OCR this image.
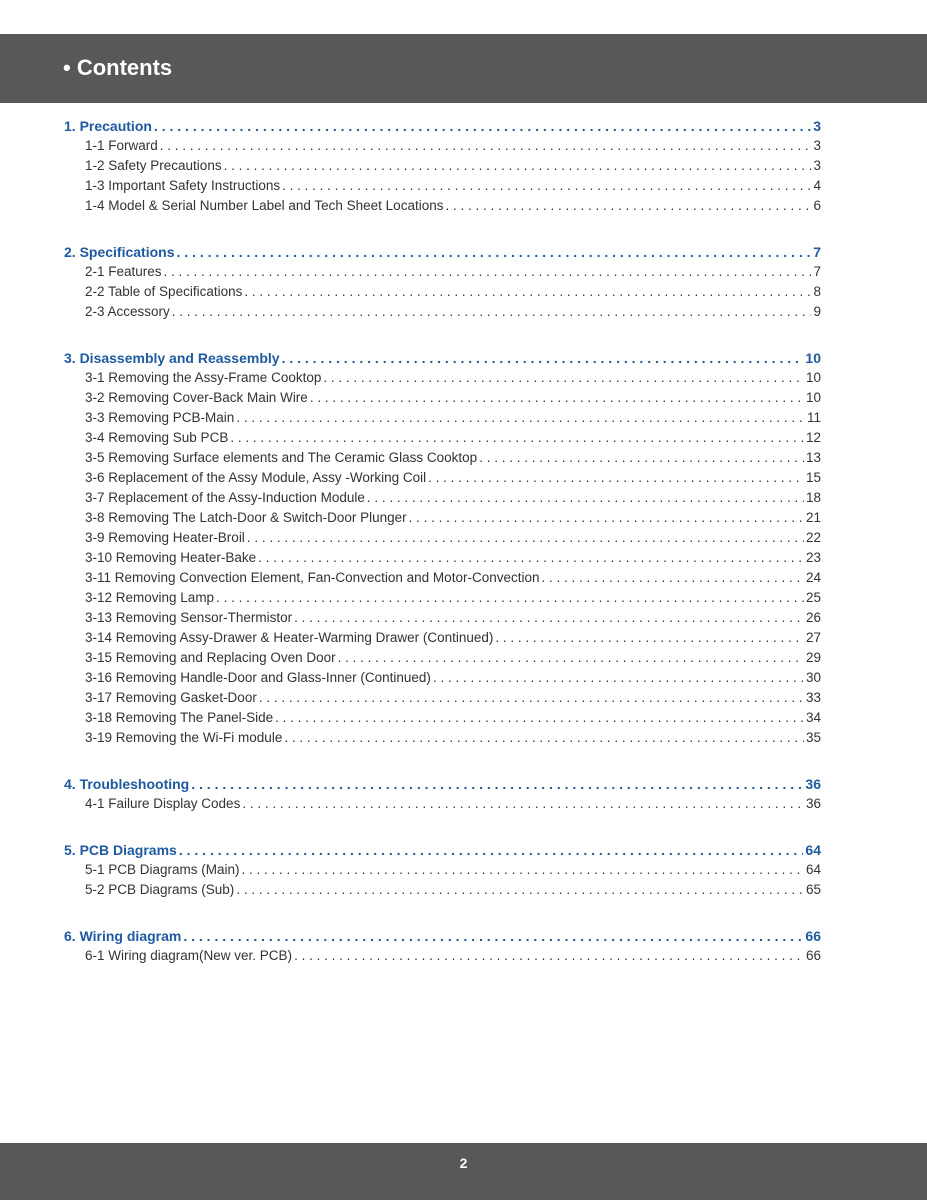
• Contents
1. Precaution . . .	3
1-1 Forward . . .	3
1-2 Safety Precautions . . .	3
1-3 Important Safety Instructions . . .	4
1-4 Model & Serial Number Label and Tech Sheet Locations . . .	6
2. Specifications . . .	7
2-1 Features . . .	7
2-2 Table of Specifications . . .	8
2-3 Accessory . . .	9
3. Disassembly and Reassembly . . .	10
3-1 Removing the Assy-Frame Cooktop . . .	10
3-2 Removing Cover-Back Main Wire . . .	10
3-3 Removing PCB-Main . . .	11
3-4 Removing Sub PCB . . .	12
3-5 Removing Surface elements and The Ceramic Glass Cooktop . . .	13
3-6 Replacement of the Assy Module, Assy -Working Coil . . .	15
3-7 Replacement of the Assy-Induction Module . . .	18
3-8 Removing The Latch-Door & Switch-Door Plunger . . .	21
3-9 Removing Heater-Broil . . .	22
3-10 Removing Heater-Bake . . .	23
3-11 Removing Convection Element, Fan-Convection and Motor-Convection . . .	24
3-12 Removing Lamp . . .	25
3-13 Removing Sensor-Thermistor . . .	26
3-14 Removing Assy-Drawer & Heater-Warming Drawer (Continued) . . .	27
3-15 Removing and Replacing Oven Door . . .	29
3-16 Removing Handle-Door and Glass-Inner (Continued) . . .	30
3-17 Removing Gasket-Door . . .	33
3-18 Removing The Panel-Side . . .	34
3-19 Removing the Wi-Fi module . . .	35
4. Troubleshooting . . .	36
4-1 Failure Display Codes . . .	36
5. PCB Diagrams . . .	64
5-1 PCB Diagrams (Main) . . .	64
5-2 PCB Diagrams (Sub) . . .	65
6. Wiring diagram . . .	66
6-1 Wiring diagram(New ver. PCB) . . .	66
2
